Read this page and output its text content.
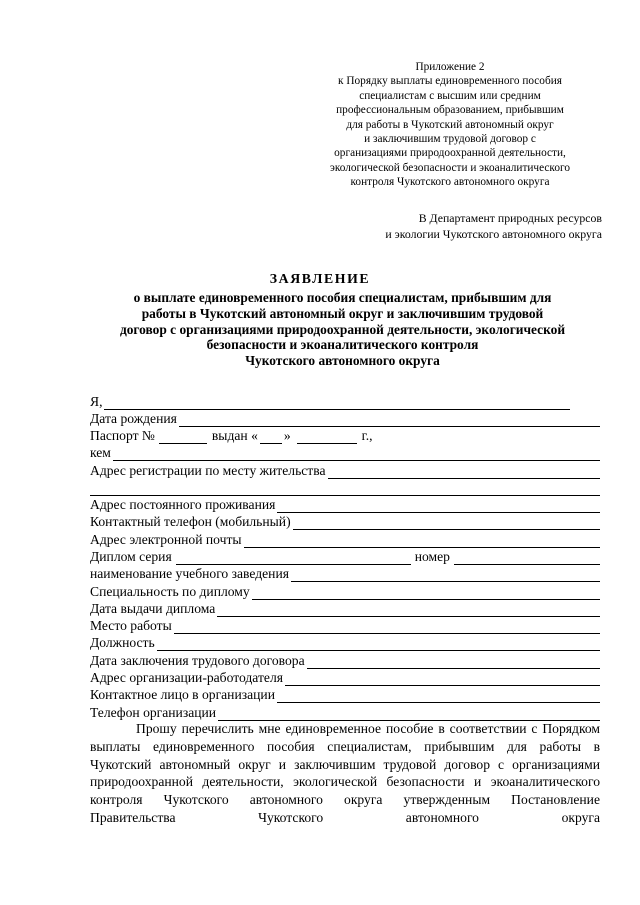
Приложение 2
к Порядку выплаты единовременного пособия
специалистам с высшим или средним
профессиональным образованием, прибывшим
для работы в Чукотский автономный округ
и заключившим трудовой договор с
организациями природоохранной деятельности,
экологической безопасности и экоаналитического
контроля Чукотского автономного округа
В Департамент природных ресурсов
и экологии Чукотского автономного округа
ЗАЯВЛЕНИЕ
о выплате единовременного пособия специалистам, прибывшим для
работы в Чукотский автономный округ и заключившим трудовой
договор с организациями природоохранной деятельности, экологической
безопасности и экоаналитического контроля
Чукотского автономного округа
Я,
Дата рождения
Паспорт №	выдан « »	г.,
кем
Адрес регистрации по месту жительства
Адрес постоянного проживания
Контактный телефон (мобильный)
Адрес электронной почты
Диплом серия	номер
наименование учебного заведения
Специальность по диплому
Дата выдачи диплома
Место работы
Должность
Дата заключения трудового договора
Адрес организации-работодателя
Контактное лицо в организации
Телефон организации

Прошу перечислить мне единовременное пособие в соответствии с Порядком выплаты единовременного пособия специалистам, прибывшим для работы в Чукотский автономный округ и заключившим трудовой договор с организациями природоохранной деятельности, экологической безопасности и экоаналитического контроля Чукотского автономного округа утвержденным Постановление Правительства Чукотского автономного округа
